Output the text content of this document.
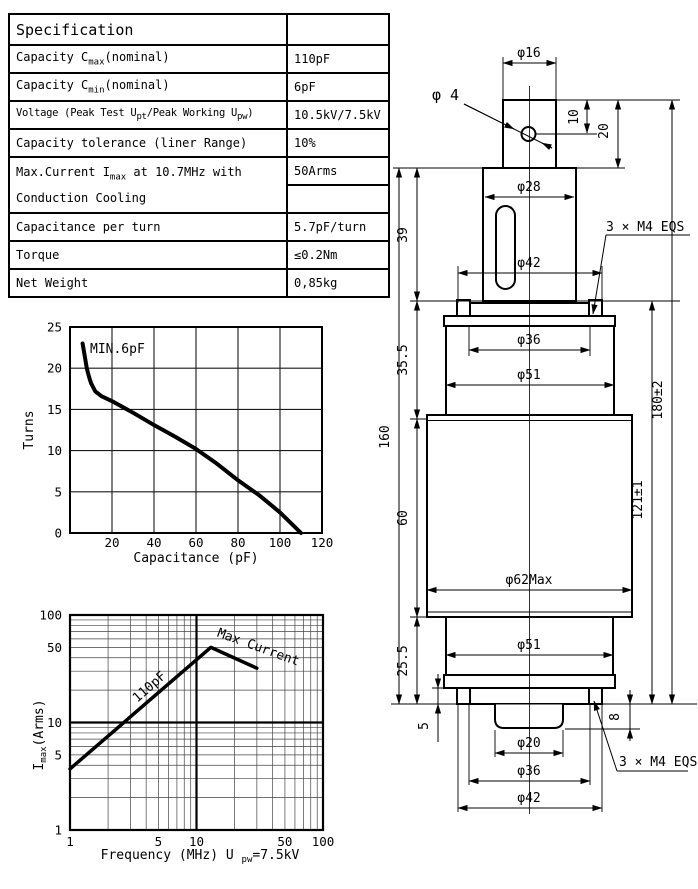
Specification	
Capacity $C_{max}(nominal)$	110pF
Capacity $C_{min}(nominal)$	6pF
Voltage (Peak Test $U_{pt}$/Peak Working $U_{pw}$)	10.5kV/7.5kV
Capacity tolerance (liner Range)	10%

Max.Current $I_{max}$ at 10.7MHz with
Conduction Cooling	50Arms

Capacitance per turn	5.7pF/turn
Torque	≤0.2Nm
Net Weight	0,85kg
20 40 60 80 100 120
0
5
10
15
20
25
Turns
Capacitance (pF)
MIN.6pF
1	5 10	50 100
1
5
10
50
100
$I_{max}(Arms)$
Frequency (MHz) U $_{pw}$=7.5kV
110pF
Max Current
φ16
φ 4
10
20
φ28
3 × M4 EQS
φ42
39
φ36
35.5	φ51
160
180±2
121±1
60
φ62Max
25.5	φ51
5
8
φ20
φ36
φ42
3 × M4 EQS
